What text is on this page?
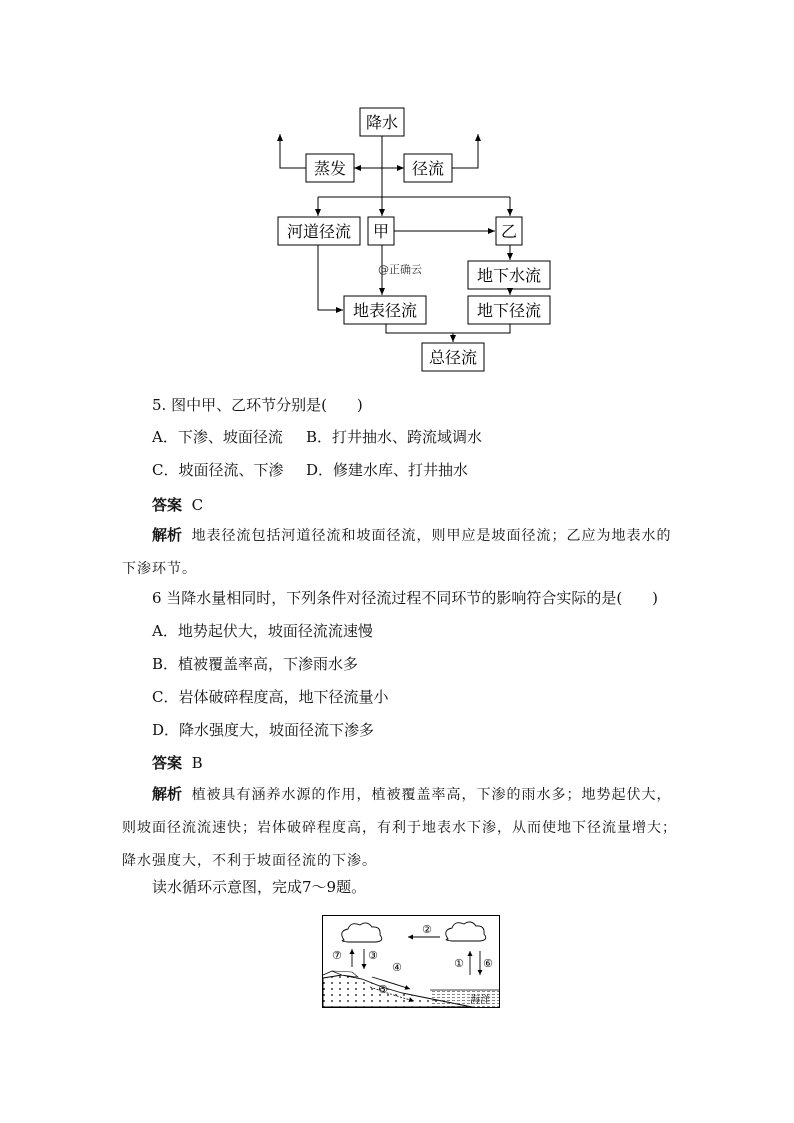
降水
蒸发	径流
河道径流 甲	乙
地下水流
地表径流	地下径流
总径流
@正确云
5. 图中甲、乙环节分别是(　　)
A．下渗、坡面径流 B．打井抽水、跨流域调水
C．坡面径流、下渗 D．修建水库、打井抽水
答案 C
解析 地表径流包括河道径流和坡面径流，则甲应是坡面径流；乙应为地表水的下渗环节。
6 当降水量相同时，下列条件对径流过程不同环节的影响符合实际的是(　　)
A．地势起伏大，坡面径流流速慢
B．植被覆盖率高，下渗雨水多
C．岩体破碎程度高，地下径流量小
D．降水强度大，坡面径流下渗多
答案 B
解析 植被具有涵养水源的作用，植被覆盖率高，下渗的雨水多；地势起伏大，则坡面径流流速快；岩体破碎程度高，有利于地表水下渗，从而使地下径流量增大；降水强度大，不利于坡面径流的下渗。
读水循环示意图，完成7～9题。
⑦ ③
②
④
⑤
① ⑥
海洋
